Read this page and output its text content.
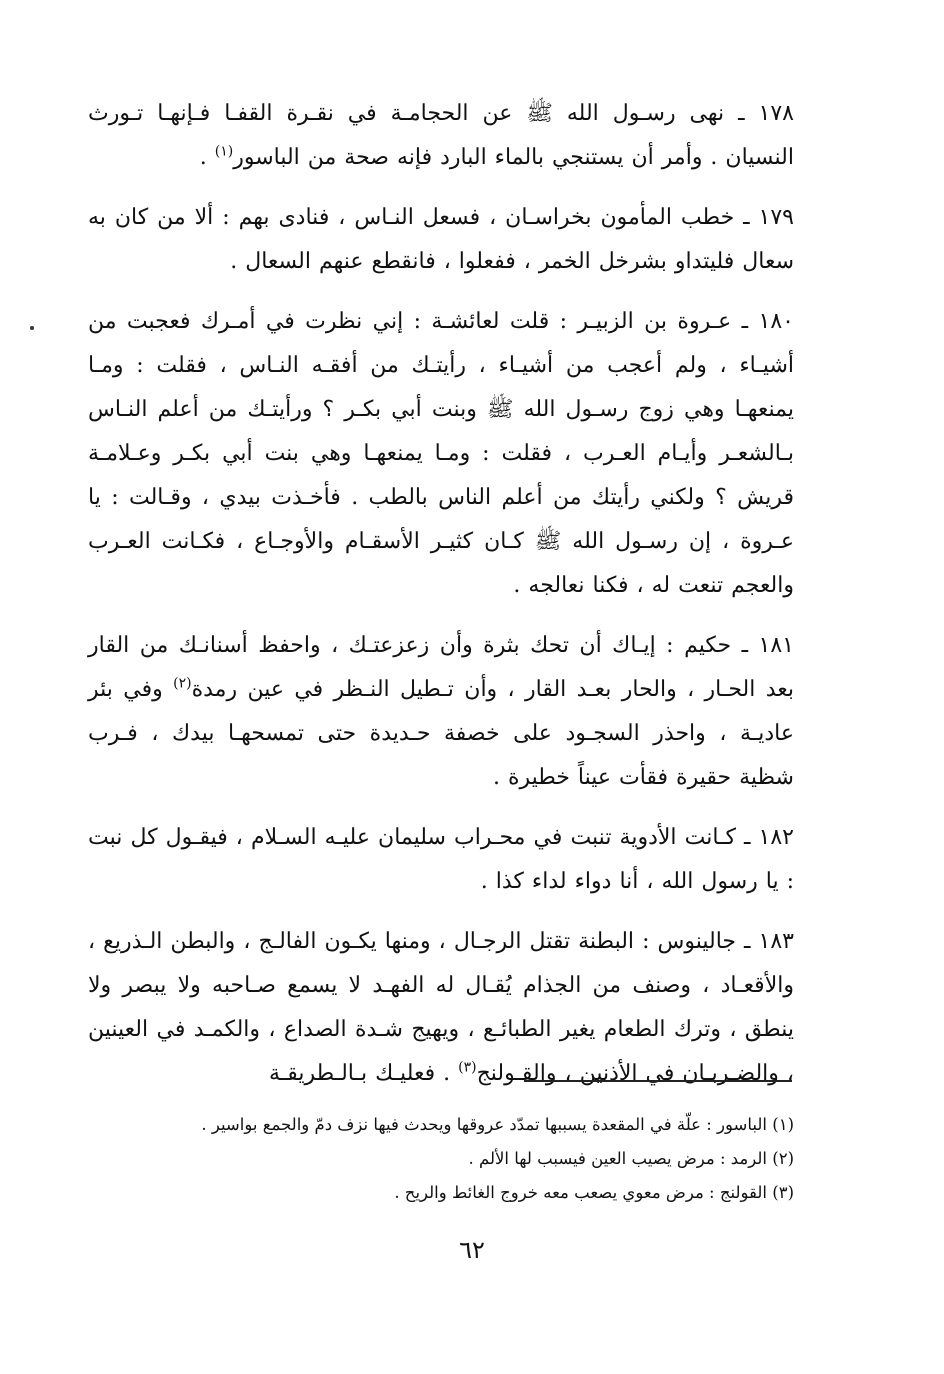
١٧٨ ـ نهى رسـول الله ﷺ عن الحجامـة في نقـرة القفـا فـإنهـا تـورث النسيان . وأمر أن يستنجي بالماء البارد فإنه صحة من الباسور$^{(١)}$ .

١٧٩ ـ خطب المأمون بخراسـان ، فسعل النـاس ، فنادى بهم : ألا من كان به سعال فليتداو بشرخل الخمر ، ففعلوا ، فانقطع عنهم السعال .

١٨٠ ـ عـروة بن الزبيـر : قلت لعائشـة : إني نظرت في أمـرك فعجبت من أشيـاء ، ولم أعجب من أشيـاء ، رأيتـك من أفقـه النـاس ، فقلت : ومـا يمنعهـا وهي زوج رسـول الله ﷺ وبنت أبي بكـر ؟ ورأيتـك من أعلم النـاس بـالشعـر وأيـام العـرب ، فقلت : ومـا يمنعهـا وهي بنت أبي بكـر وعـلامـة قريش ؟ ولكني رأيتك من أعلم الناس بالطب . فأخـذت بيدي ، وقـالت : يا عـروة ، إن رسـول الله ﷺ كـان كثيـر الأسقـام والأوجـاع ، فكـانت العـرب والعجم تنعت له ، فكنا نعالجه .

١٨١ ـ حكيم : إيـاك أن تحك بثرة وأن زعزعتـك ، واحفظ أسنانـك من القار بعد الحـار ، والحار بعـد القار ، وأن تـطيل النـظر في عين رمدة$^{(٢)}$ وفي بئر عاديـة ، واحذر السجـود على خصفة حـديدة حتى تمسحهـا بيدك ، فـرب شظية حقيرة فقأت عيناً خطيرة .

١٨٢ ـ كـانت الأدوية تنبت في محـراب سليمان عليـه السـلام ، فيقـول كل نبت : يا رسول الله ، أنا دواء لداء كذا .

١٨٣ ـ جالينوس : البطنة تقتل الرجـال ، ومنها يكـون الفالـج ، والبطن الـذريع ، والأقعـاد ، وصنف من الجذام يُقـال له الفهـد لا يسمع صـاحبه ولا يبصر ولا ينطق ، وترك الطعام يغير الطبائـع ، ويهيج شـدة الصداع ، والكمـد في العينين ، والضـربـان في الأذنين ، والقـولنج$^{(٣)}$ . فعليـك بـالـطريقـة

(١) الباسور : علّة في المقعدة يسببها تمدّد عروقها ويحدث فيها نزف دمّ والجمع بواسير .

(٢) الرمد : مرض يصيب العين فيسبب لها الألم .

(٣) القولنج : مرض معوي يصعب معه خروج الغائط والريح .

٦٢
